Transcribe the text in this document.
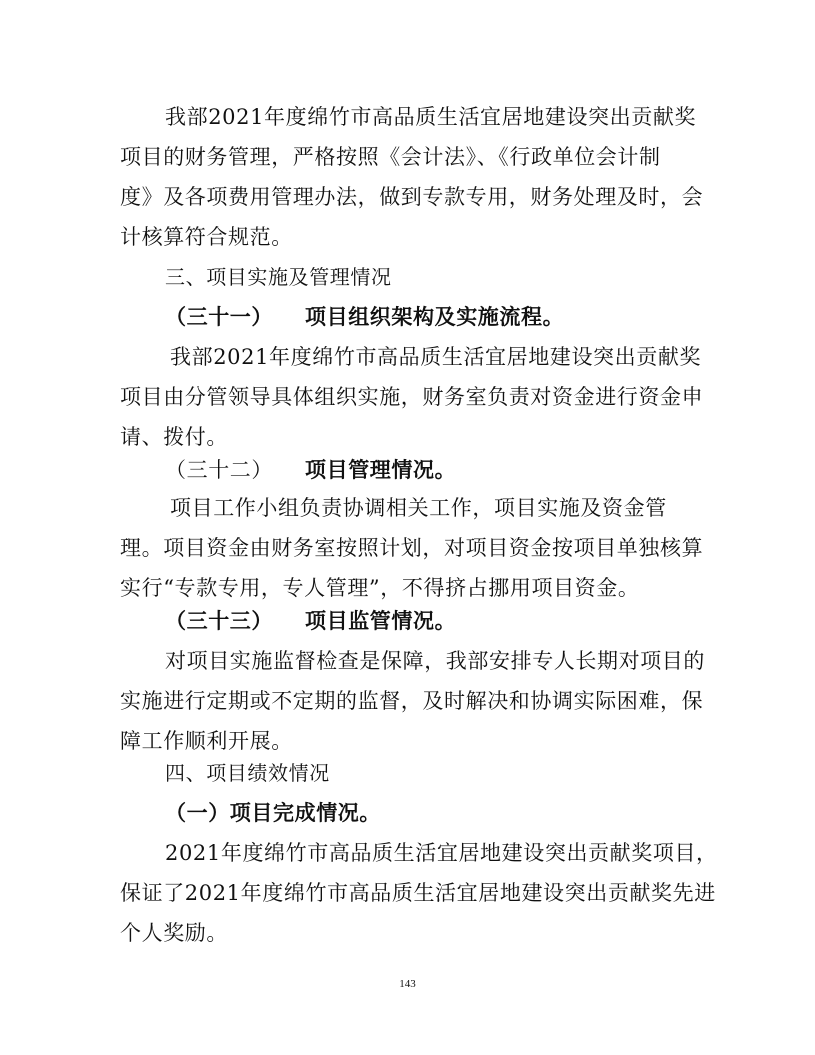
我部2021年度绵竹市高品质生活宜居地建设突出贡献奖
项目的财务管理，严格按照《会计法》、《行政单位会计制
度》及各项费用管理办法，做到专款专用，财务处理及时，会
计核算符合规范。
三、项目实施及管理情况
（三十一） 项目组织架构及实施流程。
我部2021年度绵竹市高品质生活宜居地建设突出贡献奖
项目由分管领导具体组织实施，财务室负责对资金进行资金申
请、拨付。
（三十二） 项目管理情况。
项目工作小组负责协调相关工作，项目实施及资金管
理。项目资金由财务室按照计划，对项目资金按项目单独核算
实行“专款专用，专人管理”，不得挤占挪用项目资金。
（三十三） 项目监管情况。
对项目实施监督检查是保障，我部安排专人长期对项目的
实施进行定期或不定期的监督，及时解决和协调实际困难，保
障工作顺利开展。
四、项目绩效情况
（一）项目完成情况。
2021年度绵竹市高品质生活宜居地建设突出贡献奖项目，
保证了2021年度绵竹市高品质生活宜居地建设突出贡献奖先进
个人奖励。
143
